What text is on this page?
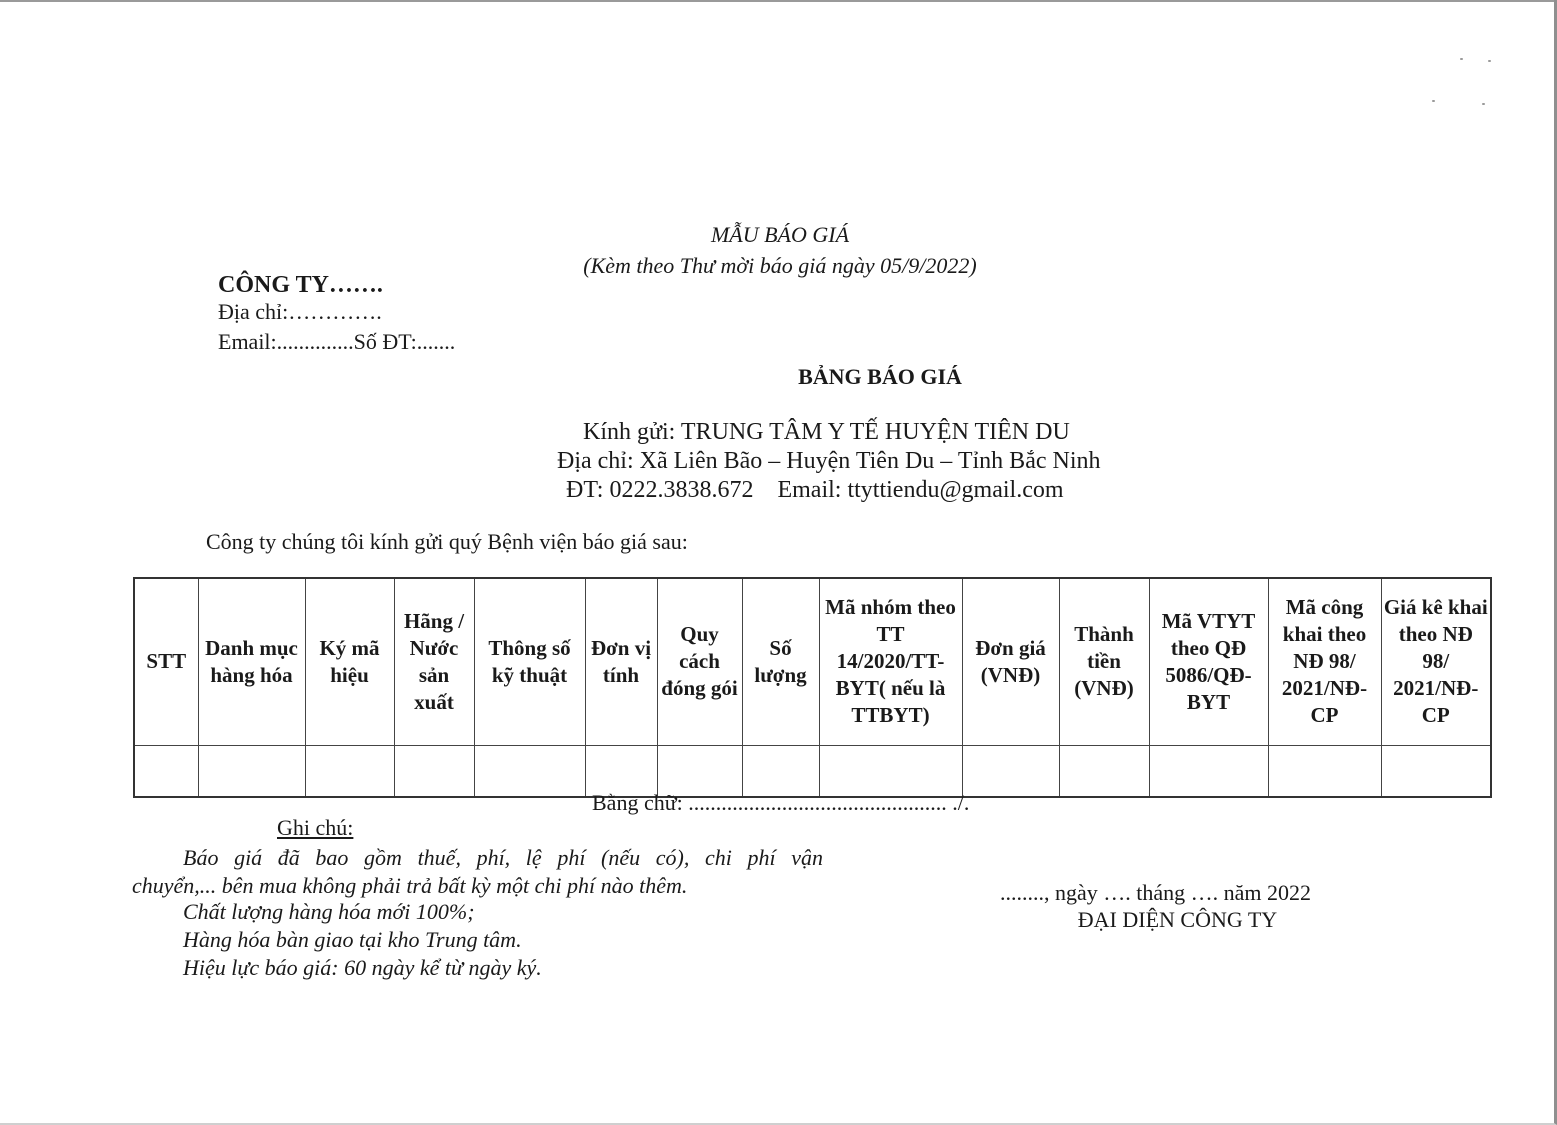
MẪU BÁO GIÁ
(Kèm theo Thư mời báo giá ngày 05/9/2022)
CÔNG TY…….
Địa chỉ:………….
Email:..............Số ĐT:.......
BẢNG BÁO GIÁ
Kính gửi: TRUNG TÂM Y TẾ HUYỆN TIÊN DU
Địa chỉ: Xã Liên Bão – Huyện Tiên Du – Tỉnh Bắc Ninh
ĐT: 0222.3838.672 Email: ttyttiendu@gmail.com
Công ty chúng tôi kính gửi quý Bệnh viện báo giá sau:
STT	Danh mục hàng hóa	Ký mã hiệu	Hãng / Nước sản xuất	Thông số kỹ thuật	Đơn vị tính	Quy cách đóng gói	Số lượng	Mã nhóm theo TT 14/2020/TT-BYT( nếu là TTBYT)	Đơn giá (VNĐ)	Thành tiền (VNĐ)	Mã VTYT theo QĐ 5086/QĐ-BYT	Mã công khai theo NĐ 98/ 2021/NĐ-CP	Giá kê khai theo NĐ 98/ 2021/NĐ-CP

Bằng chữ: ............................................... ./.
Ghi chú:
Báo giá đã bao gồm thuế, phí, lệ phí (nếu có), chi phí vận
chuyển,... bên mua không phải trả bất kỳ một chi phí nào thêm.
Chất lượng hàng hóa mới 100%;
Hàng hóa bàn giao tại kho Trung tâm.
Hiệu lực báo giá: 60 ngày kể từ ngày ký.
........, ngày …. tháng …. năm 2022
ĐẠI DIỆN CÔNG TY
